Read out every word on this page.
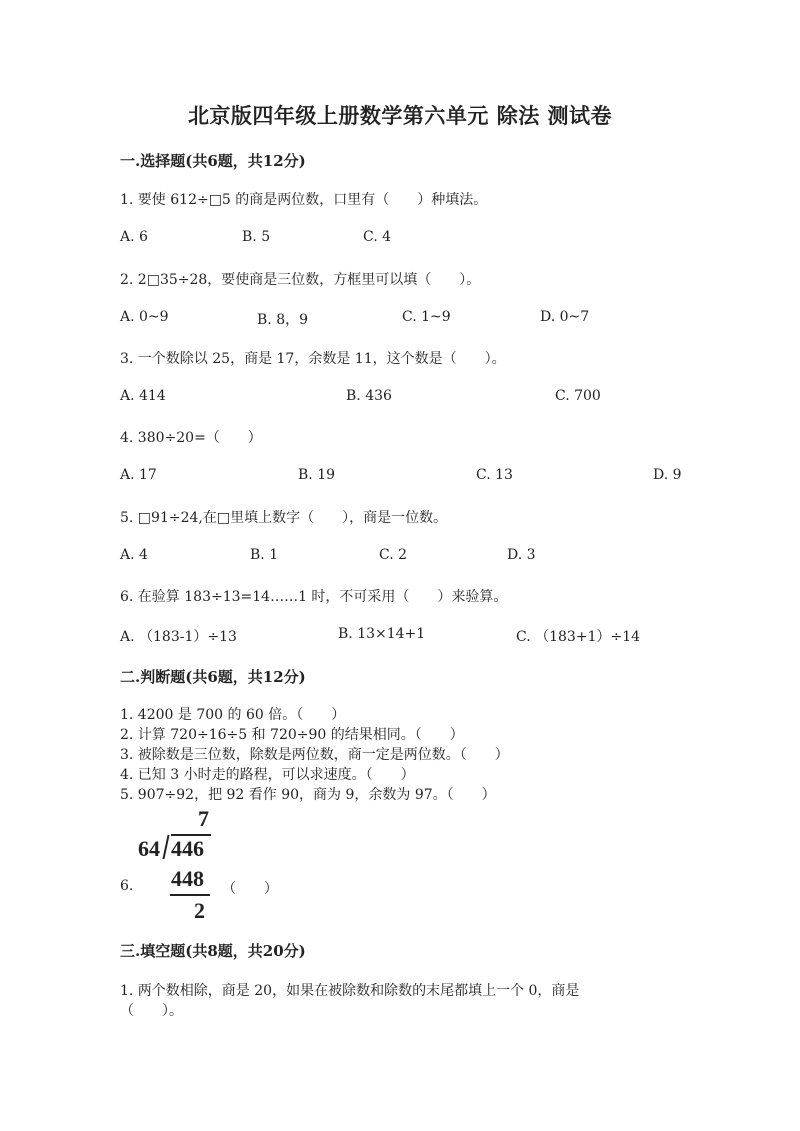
北京版四年级上册数学第六单元 除法 测试卷
一.选择题(共6题，共12分)
1. 要使 612÷□5 的商是两位数，口里有（　　）种填法。
A. 6	B. 5	C. 4
2. 2□35÷28，要使商是三位数，方框里可以填（　　）。
A. 0~9	B. 8，9	C. 1~9	D. 0~7
3. 一个数除以 25，商是 17，余数是 11，这个数是（　　）。
A. 414	B. 436	C. 700
4. 380÷20=（　　）
A. 17	B. 19	C. 13	D. 9
5. □91÷24,在□里填上数字（　　），商是一位数。
A. 4	B. 1	C. 2	D. 3
6. 在验算 183÷13=14……1 时，不可采用（　　）来验算。
A. （183-1）÷13	B. 13×14+1	C. （183+1）÷14
二.判断题(共6题，共12分)
1. 4200 是 700 的 60 倍。（　　）
2. 计算 720÷16÷5 和 720÷90 的结果相同。（　　）
3. 被除数是三位数，除数是两位数，商一定是两位数。（　　）
4. 已知 3 小时走的路程，可以求速度。（　　）
5. 907÷92，把 92 看作 90，商为 9，余数为 97。（　　）
7
64 446
448
2
6.	（　　）
三.填空题(共8题，共20分)
1. 两个数相除，商是 20，如果在被除数和除数的末尾都填上一个 0，商是
（　　）。
